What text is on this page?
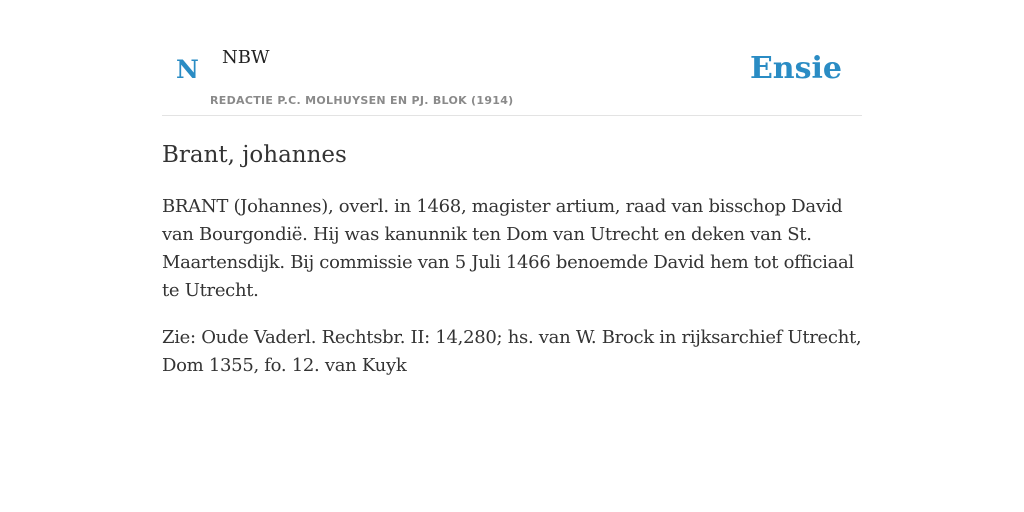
N NBW
REDACTIE P.C. MOLHUYSEN EN PJ. BLOK (1914)
Ensie
Brant, johannes

BRANT (Johannes), overl. in 1468, magister artium, raad van bisschop David van Bourgondië. Hij was kanunnik ten Dom van Utrecht en deken van St. Maartensdijk. Bij commissie van 5 Juli 1466 benoemde David hem tot officiaal te Utrecht.

Zie: Oude Vaderl. Rechtsbr. II: 14,280; hs. van W. Brock in rijksarchief Utrecht, Dom 1355, fo. 12. van Kuyk
